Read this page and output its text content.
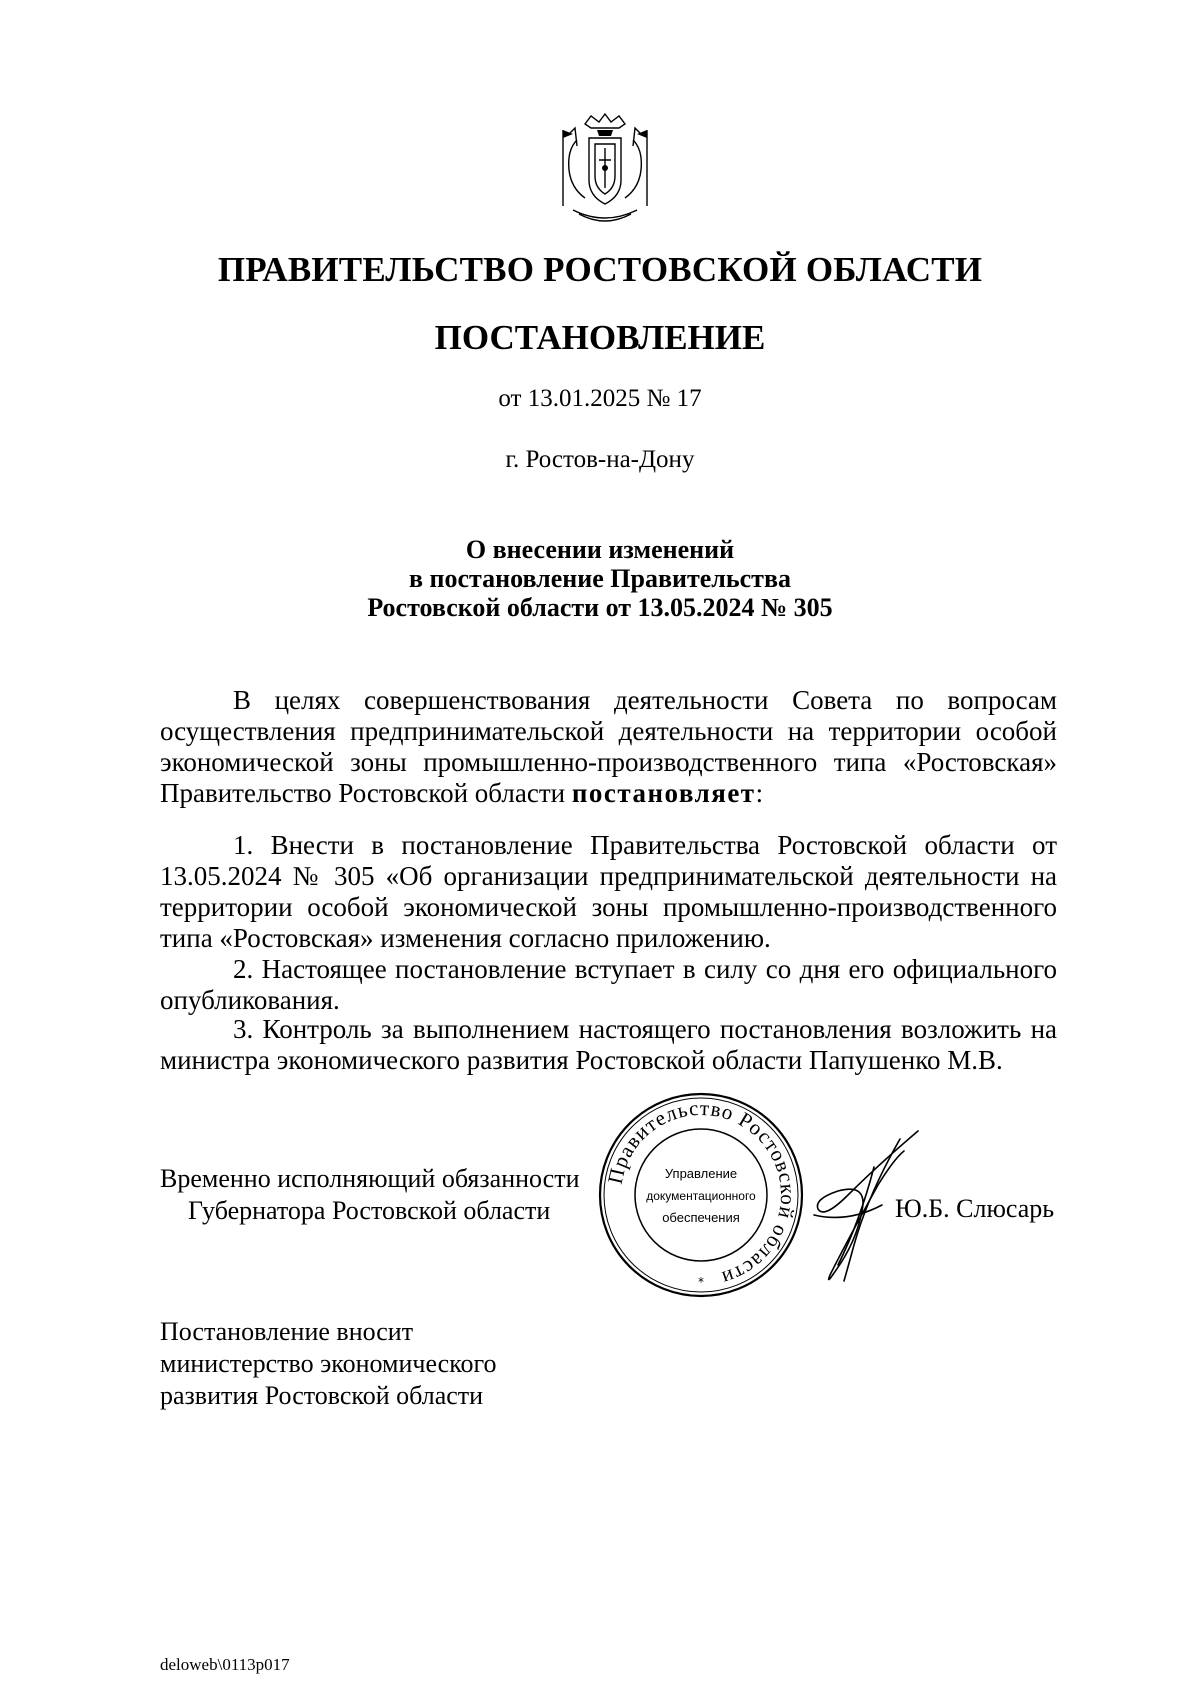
ПРАВИТЕЛЬСТВО РОСТОВСКОЙ ОБЛАСТИ
ПОСТАНОВЛЕНИЕ
от 13.01.2025 № 17
г. Ростов-на-Дону
О внесении изменений
в постановление Правительства
Ростовской области от 13.05.2024 № 305

В целях совершенствования деятельности Совета по вопросам осуществления предпринимательской деятельности на территории особой экономической зоны промышленно-производственного типа «Ростовская» Правительство Ростовской области постановляет:

1. Внести в постановление Правительства Ростовской области от 13.05.2024 № 305 «Об организации предпринимательской деятельности на территории особой экономической зоны промышленно-производственного типа «Ростовская» изменения согласно приложению.

2. Настоящее постановление вступает в силу со дня его официального опубликования.

3. Контроль за выполнением настоящего постановления возложить на министра экономического развития Ростовской области Папушенко М.В.

Временно исполняющий обязанности
Губернатора Ростовской области
Правительство Ростовской области
Управление
документационного
обеспечения
*
Ю.Б. Слюсарь
Постановление вносит
министерство экономического
развития Ростовской области
deloweb\0113p017
